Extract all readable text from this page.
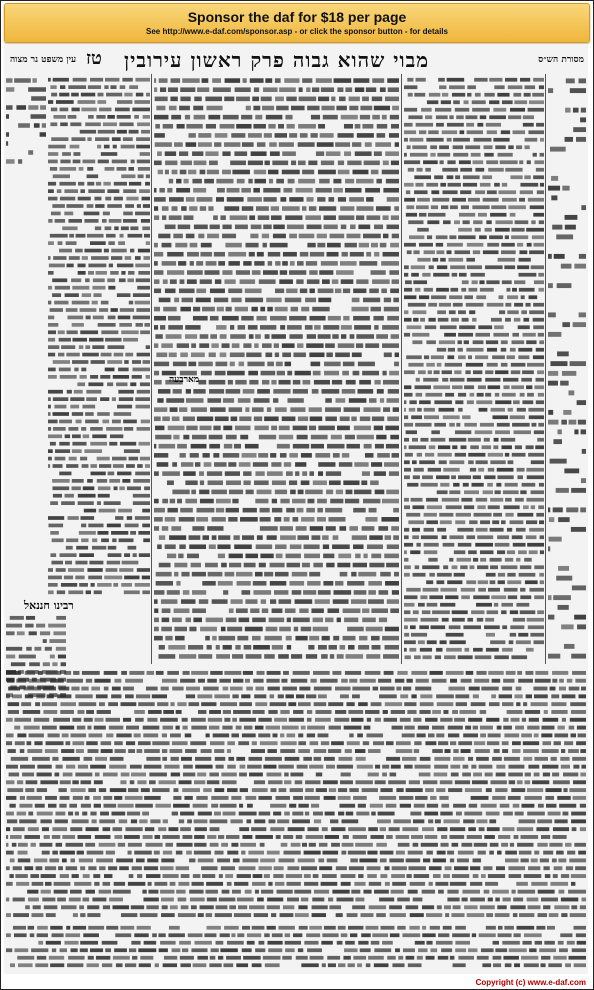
Sponsor the daf for $18 per page
See http://www.e-daf.com/sponsor.asp - or click the sponsor button - for details
מבוי שהוא גבוה פרק ראשון עירובין
טז
עין משפט נר מצוה	מסורת הש״ס
מארבעה
רבינו חננאל
Copyright (c) www.e-daf.com
